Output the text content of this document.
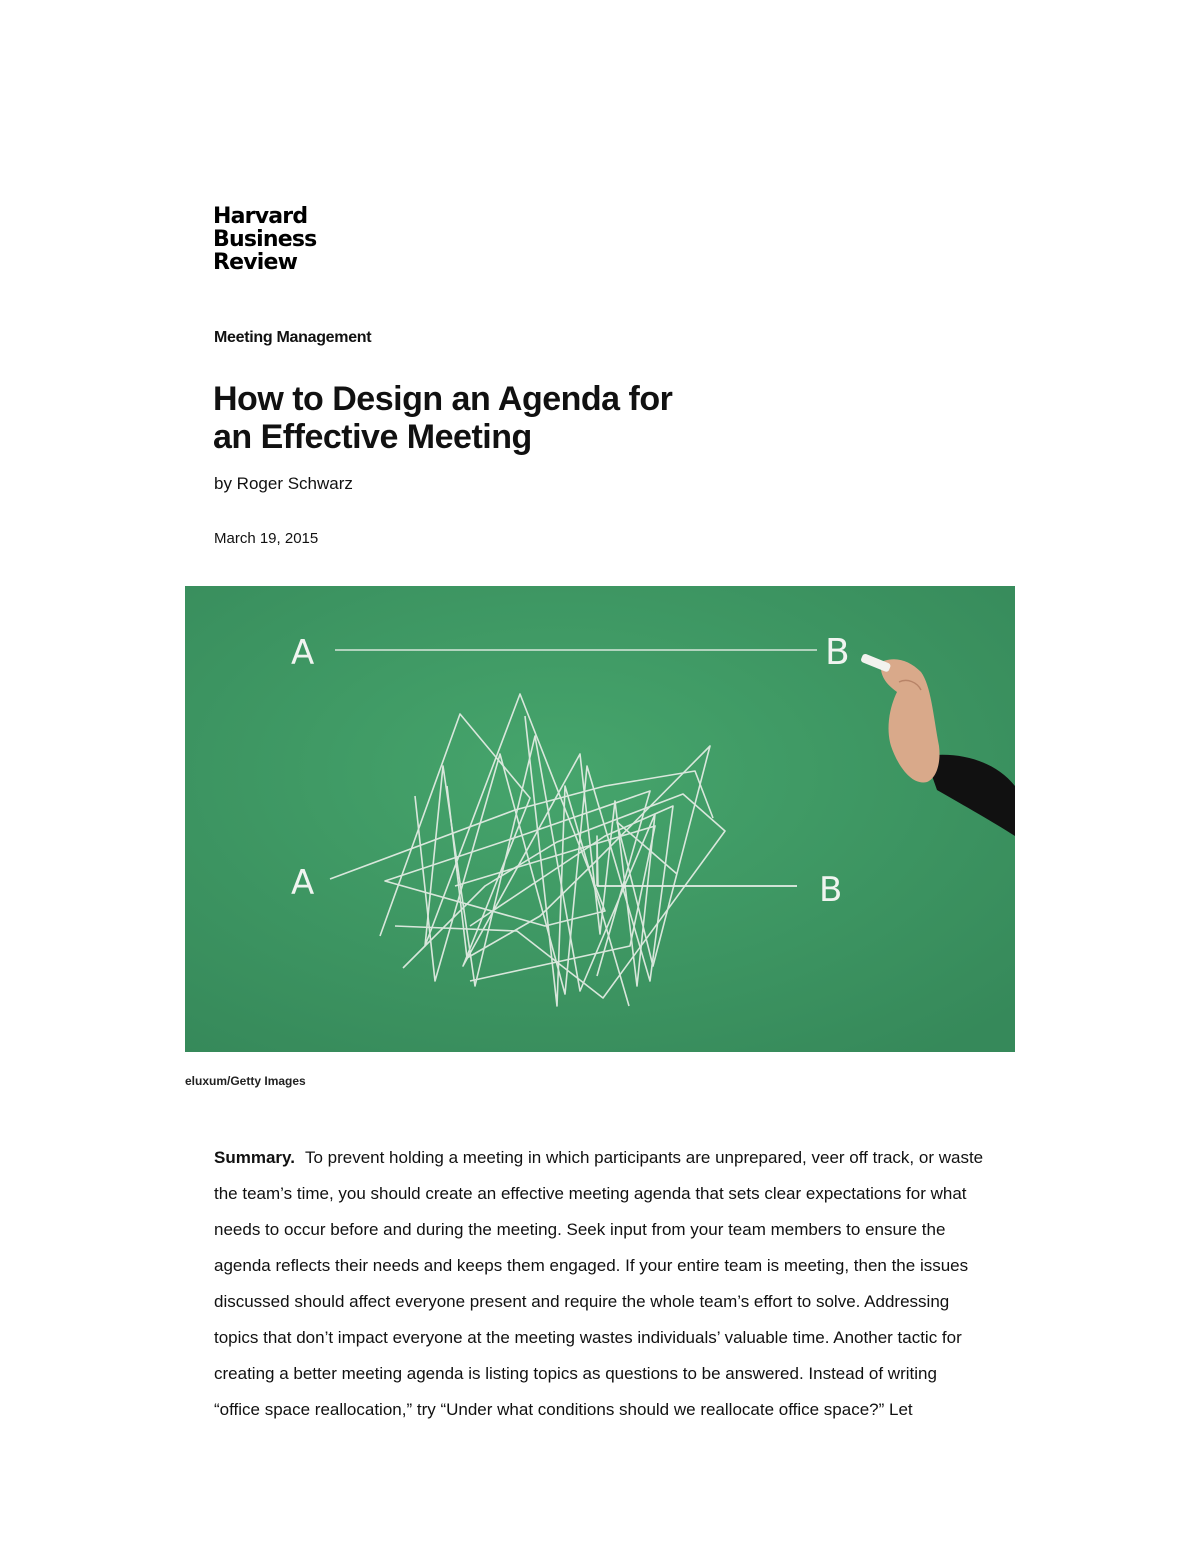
Harvard
Business
Review
Meeting Management
How to Design an Agenda for
an Effective Meeting
by Roger Schwarz
March 19, 2015
A	B
A	B
eluxum/Getty Images

Summary. To prevent holding a meeting in which participants are unprepared, veer off track, or waste the team’s time, you should create an effective meeting agenda that sets clear expectations for what needs to occur before and during the meeting. Seek input from your team members to ensure the agenda reflects their needs and keeps them engaged. If your entire team is meeting, then the issues discussed should affect everyone present and require the whole team’s effort to solve. Addressing topics that don’t impact everyone at the meeting wastes individuals’ valuable time. Another tactic for creating a better meeting agenda is listing topics as questions to be answered. Instead of writing “office space reallocation,” try “Under what conditions should we reallocate office space?” Let
